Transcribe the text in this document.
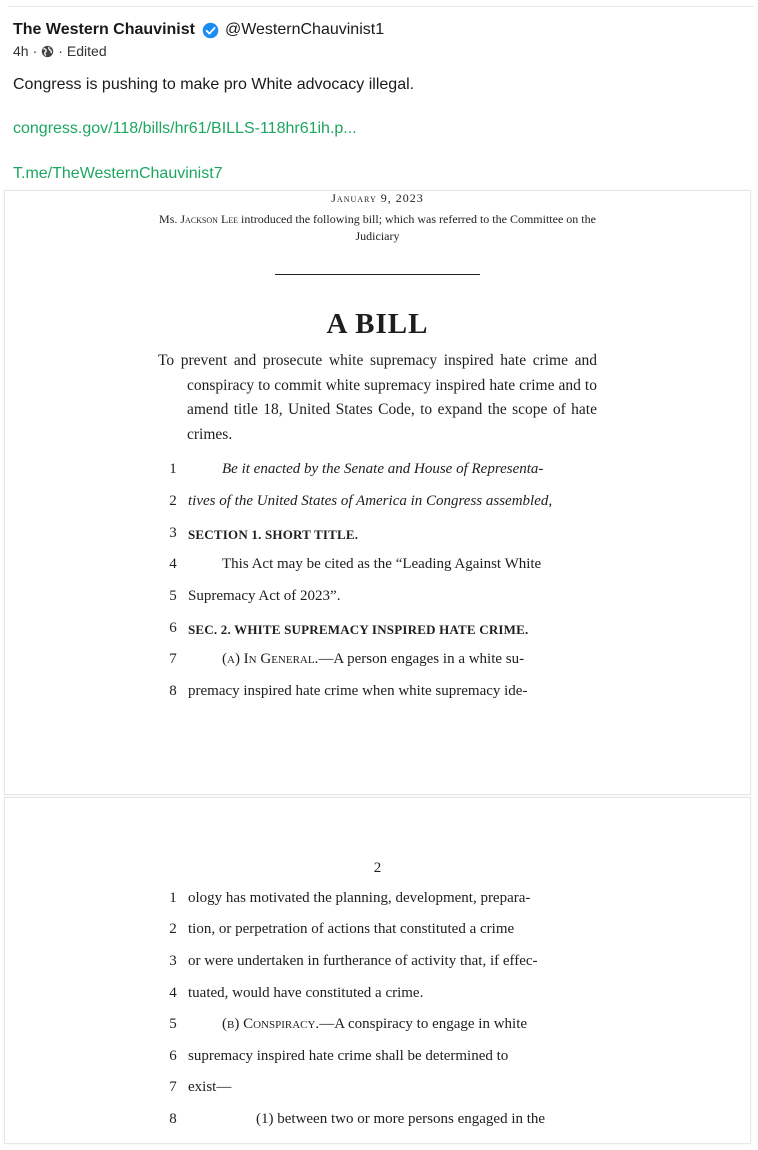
The Western Chauvinist @WesternChauvinist1
4h · · Edited
Congress is pushing to make pro White advocacy illegal.
congress.gov/118/bills/hr61/BILLS-118hr61ih.p...
T.me/TheWesternChauvinist7
January 9, 2023
Ms. Jackson Lee introduced the following bill; which was referred to the Committee on the Judiciary
A BILL

To prevent and prosecute white supremacy inspired hate crime and conspiracy to commit white supremacy inspired hate crime and to amend title 18, United States Code, to expand the scope of hate crimes.

1	Be it enacted by the Senate and House of Representa-
2 tives of the United States of America in Congress assembled,
3 SECTION 1. SHORT TITLE.
4	This Act may be cited as the “Leading Against White
5 Supremacy Act of 2023”.
6 SEC. 2. WHITE SUPREMACY INSPIRED HATE CRIME.
7	(a) In General.—A person engages in a white su-
8 premacy inspired hate crime when white supremacy ide-
2
1 ology has motivated the planning, development, prepara-
2 tion, or perpetration of actions that constituted a crime
3 or were undertaken in furtherance of activity that, if effec-
4 tuated, would have constituted a crime.
5	(b) Conspiracy.—A conspiracy to engage in white
6 supremacy inspired hate crime shall be determined to
7 exist—
8	(1) between two or more persons engaged in the
